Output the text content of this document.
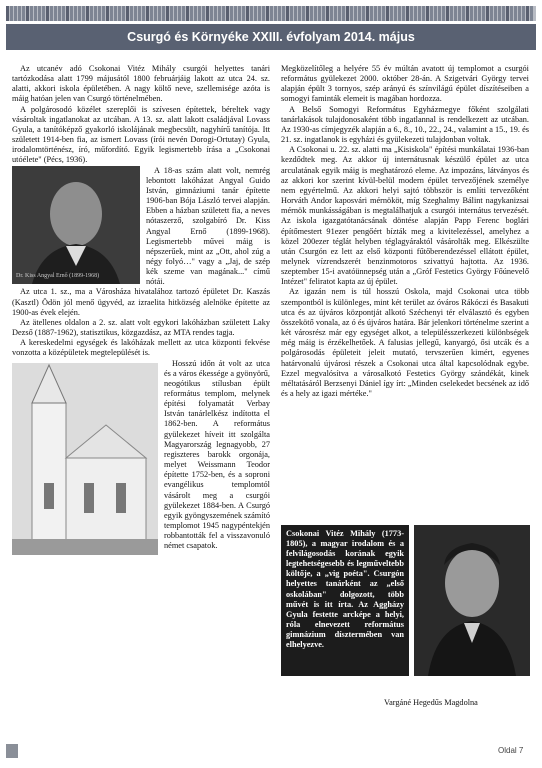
Csurgó és Környéke XXIII. évfolyam 2014. május

Az utcanév adó Csokonai Vitéz Mihály csurgói helyettes tanári tartózkodása alatt 1799 májusától 1800 februárjáig lakott az utca 24. sz. alatti, akkori iskola épületében. A nagy költő neve, szellemisége azóta is máig hatóan jelen van Csurgó történelmében.

A polgárosodó közélet szereplői is szívesen építettek, béreltek vagy vásároltak ingatlanokat az utcában. A 13. sz. alatt lakott családjával Lovass Gyula, a tanítóképző gyakorló iskolájának megbecsült, nagyhírű tanítója. Itt született 1914-ben fia, az ismert Lovass (írói nevén Dorogi-Ortutay) Gyula, irodalomtörténész, író, műfordító. Egyik legismertebb írása a „Csokonai utóélete" (Pécs, 1936).

Dr. Kiss Angyal Ernő (1899-1968)

A 18-as szám alatt volt, nemrég lebontott lakóházat Angyal Guido István, gimnáziumi tanár építette 1906-ban Bója László tervei alapján. Ebben a házban született fia, a neves nótaszerző, szolgabíró Dr. Kiss Angyal Ernő (1899-1968). Legismertebb művei máig is népszerűek, mint az „Ott, ahol zúg a négy folyó…" vagy a „Jaj, de szép kék szeme van magának..." című nótái.

Az utca 1. sz., ma a Városháza hivatalához tartozó épületet Dr. Kaszás (Kasztl) Ödön jól menő ügyvéd, az izraelita hitközség alelnöke építette az 1900-as évek elején.

Az ätellenes oldalon a 2. sz. alatt volt egykori lakóházban született Laky Dezső (1887-1962), statisztikus, közgazdász, az MTA rendes tagja.

A kereskedelmi egységek és lakóházak mellett az utca központi fekvése vonzotta a középületek megtelepülését is.

Hosszú időn át volt az utca és a város ékessége a gyönyörű, neogótikus stílusban épült református templom, melynek építési folyamatát Verbay István tanárlelkész indította el 1862-ben. A református gyülekezet híveit itt szolgálta Magyarország legnagyobb, 27 regiszteres barokk orgonája, melyet Weissmann Teodor építette 1752-ben, és a soproni evangélikus templomtól vásárolt meg a csurgói gyülekezet 1884-ben. A Csurgó egyik gyöngyszemének számító templomot 1945 nagypéntekjén robbantották fel a visszavonuló német csapatok.

Megközelítőleg a helyére 55 év múltán avatott új templomot a csurgói református gyülekezet 2000. október 28-án. A Szigetvári György tervei alapján épült 3 tornyos, szép arányú és színvilágú épület díszítéseiben a somogyi faminták elemeit is magában hordozza.

A Belső Somogyi Református Egyházmegye főként szolgálati tanárlakások tulajdonosaként több ingatlannal is rendelkezett az utcában. Az 1930-as címjegyzék alapján a 6., 8., 10., 22., 24., valamint a 15., 19. és 21. sz. ingatlanok is egyházi és gyülekezeti tulajdonban voltak.

A Csokonai u. 22. sz. alatti ma „Kisiskola" építési munkálatai 1936-ban kezdődtek meg. Az akkor új internátusnak készülő épület az utca arculatának egyik máig is meghatározó eleme. Az impozáns, látványos és az akkori kor szerint kívül-belül modern épület tervezőjének személye nem egyértelmű. Az akkori helyi sajtó többször is említi tervezőként Horváth Andor kaposvári mérnököt, míg Szeghalmy Bálint nagykanizsai mérnök munkásságában is megtalálhatjuk a csurgói internátus tervezését. Az iskola igazgatótanácsának döntése alapján Papp Ferenc boglári építőmestert 91ezer pengőért bízták meg a kivitelezéssel, amelyhez a közel 200ezer téglát helyben téglagyáraktól vásárolták meg. Elkészülte után Csurgón ez lett az első központi fűtőberendezéssel ellátott épület, melynek vízrendszerét benzinmotoros szivattyú hajtotta. Az 1936. szeptember 15-i avatóünnepség után a „Gróf Festetics György Főúnevelő Intézet" feliratot kapta az új épület.

Az igazán nem is túl hosszú Oskola, majd Csokonai utca több szempontból is különleges, mint két terület az óváros Rákóczi és Basakuti utca és az újváros központját alkotó Széchenyi tér elválasztó és egyben összekötő vonala, az ó és újváros határa. Bár jelenkori történelme szerint a két városrész már egy egységet alkot, a településszerkezeti különbségek még máig is érzékelhetőek. A falusias jellegű, kanyargó, ősi utcák és a polgárosodás épületeit jeleit mutató, tervszerűen kimért, egyenes határvonalú újvárosi részek a Csokonai utca által kapcsolódnak egybe. Ezzel megvalósítva a városalkotó Festetics György szándékát, kinek méltatásáról Berzsenyi Dániel így írt: „Minden cselekedet becsének az idő és a hely az igazi mértéke."

Csokonai Vitéz Mihály (1773-1805), a magyar irodalom és a felvilágosodás korának egyik legtehetségesebb és legműveltebb költője, a „vig poéta". Csurgón helyettes tanárként az „első oskolában" dolgozott, több művét is itt írta. Az Aggházy Gyula festette arcképe a helyi, róla elnevezett református gimnázium dísztermében van elhelyezve.
Vargáné Hegedűs Magdolna
Oldal 7
